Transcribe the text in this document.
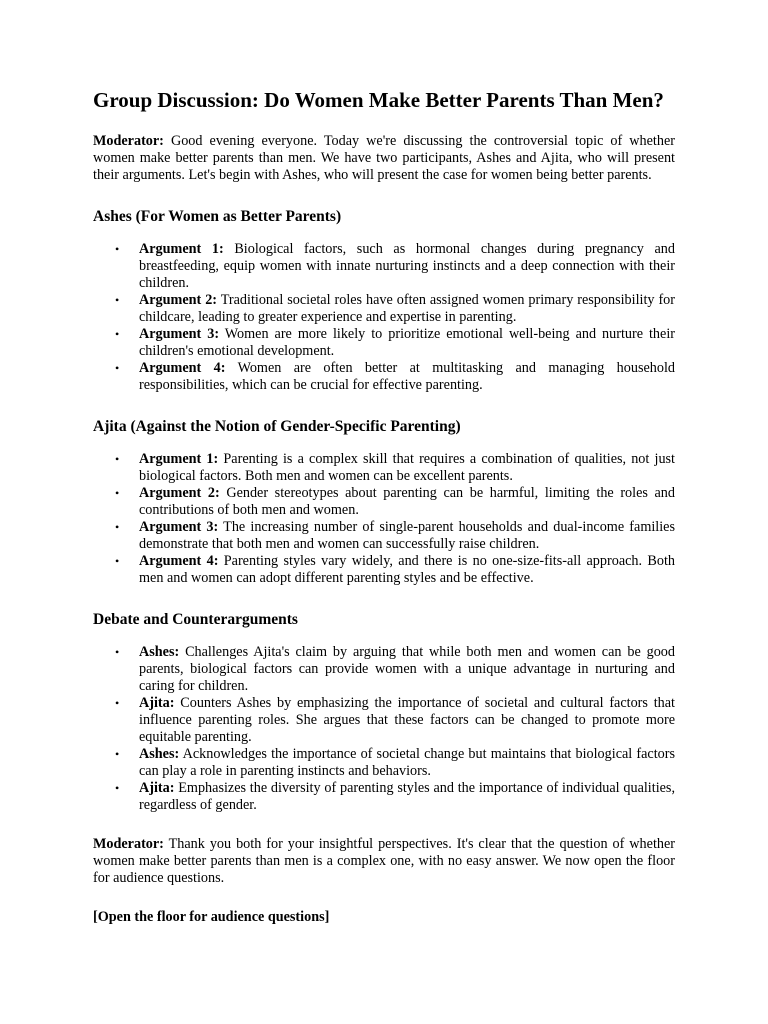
Group Discussion: Do Women Make Better Parents Than Men?

Moderator: Good evening everyone. Today we're discussing the controversial topic of whether women make better parents than men. We have two participants, Ashes and Ajita, who will present their arguments. Let's begin with Ashes, who will present the case for women being better parents.

Ashes (For Women as Better Parents)
• Argument 1: Biological factors, such as hormonal changes during pregnancy and breastfeeding, equip women with innate nurturing instincts and a deep connection with their children.
• Argument 2: Traditional societal roles have often assigned women primary responsibility for childcare, leading to greater experience and expertise in parenting.
• Argument 3: Women are more likely to prioritize emotional well-being and nurture their children's emotional development.
• Argument 4: Women are often better at multitasking and managing household responsibilities, which can be crucial for effective parenting.
Ajita (Against the Notion of Gender-Specific Parenting)
• Argument 1: Parenting is a complex skill that requires a combination of qualities, not just biological factors. Both men and women can be excellent parents.
• Argument 2: Gender stereotypes about parenting can be harmful, limiting the roles and contributions of both men and women.
• Argument 3: The increasing number of single-parent households and dual-income families demonstrate that both men and women can successfully raise children.
• Argument 4: Parenting styles vary widely, and there is no one-size-fits-all approach. Both men and women can adopt different parenting styles and be effective.
Debate and Counterarguments
• Ashes: Challenges Ajita's claim by arguing that while both men and women can be good parents, biological factors can provide women with a unique advantage in nurturing and caring for children.
• Ajita: Counters Ashes by emphasizing the importance of societal and cultural factors that influence parenting roles. She argues that these factors can be changed to promote more equitable parenting.
• Ashes: Acknowledges the importance of societal change but maintains that biological factors can play a role in parenting instincts and behaviors.
• Ajita: Emphasizes the diversity of parenting styles and the importance of individual qualities, regardless of gender.

Moderator: Thank you both for your insightful perspectives. It's clear that the question of whether women make better parents than men is a complex one, with no easy answer. We now open the floor for audience questions.

[Open the floor for audience questions]
